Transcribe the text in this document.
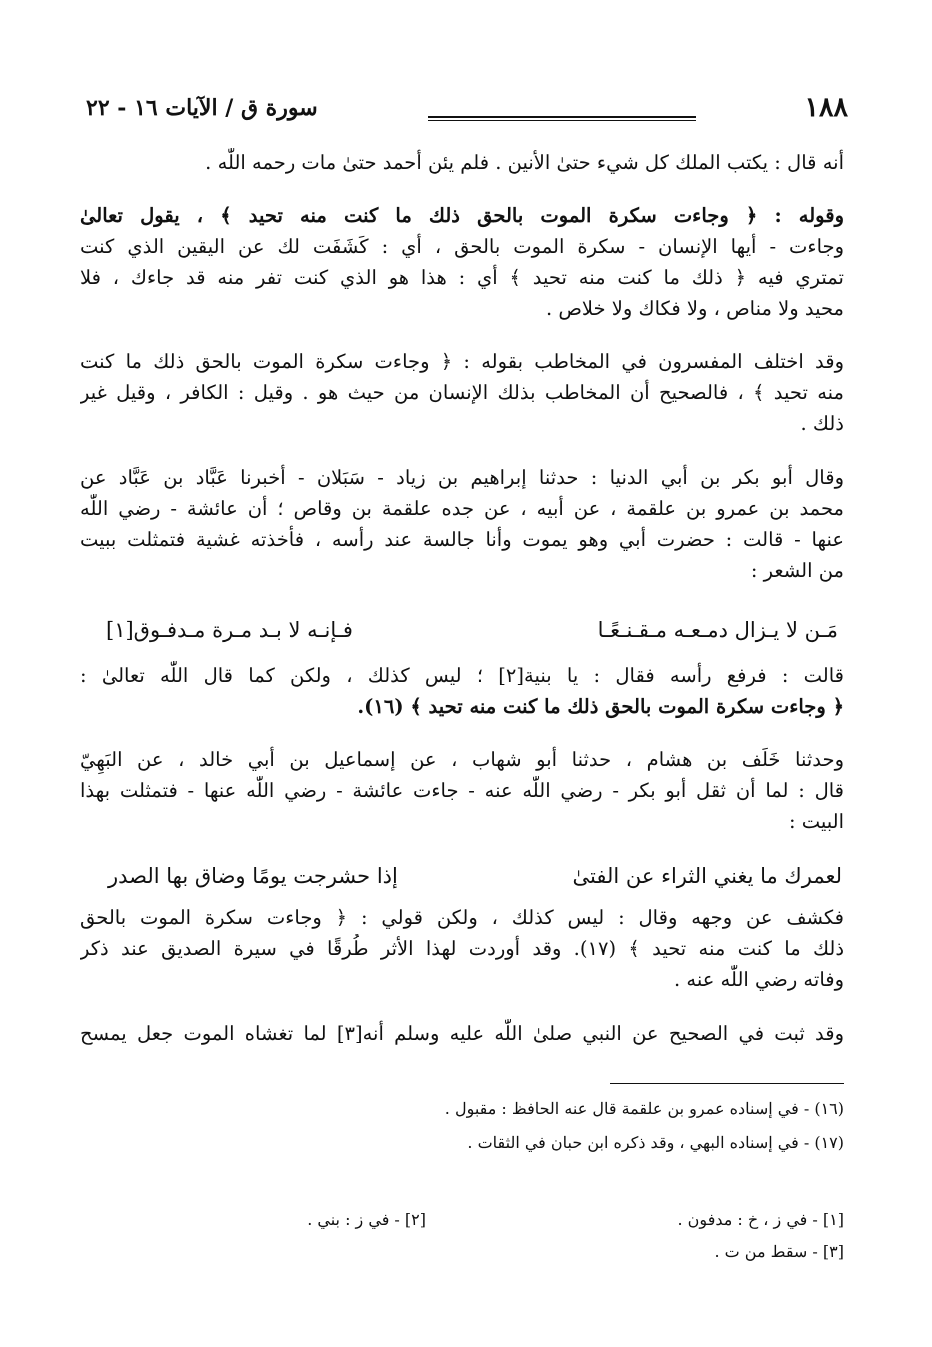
١٨٨
سورة ق / الآيات ١٦ - ٢٢
أنه قال : يكتب الملك كل شيء حتىٰ الأنين . فلم يئن أحمد حتىٰ مات رحمه اللّٰه .
وقوله : ﴿ وجاءت سكرة الموت بالحق ذلك ما كنت منه تحيد ﴾ ، يقول تعالىٰ
وجاءت - أيها الإنسان - سكرة الموت بالحق ، أي : كَشَفَت لك عن اليقين الذي كنت
تمتري فيه ﴿ ذلك ما كنت منه تحيد ﴾ أي : هذا هو الذي كنت تفر منه قد جاءك ، فلا
محيد ولا مناص ، ولا فكاك ولا خلاص .
وقد اختلف المفسرون في المخاطب بقوله : ﴿ وجاءت سكرة الموت بالحق ذلك ما كنت
منه تحيد ﴾ ، فالصحيح أن المخاطب بذلك الإنسان من حيث هو . وقيل : الكافر ، وقيل غير
ذلك .
وقال أبو بكر بن أبي الدنيا : حدثنا إبراهيم بن زياد - سَبَلان - أخبرنا عَبَّاد بن عَبَّاد عن
محمد بن عمرو بن علقمة ، عن أبيه ، عن جده علقمة بن وقاص ؛ أن عائشة - رضي اللّٰه
عنها - قالت : حضرت أبي وهو يموت وأنا جالسة عند رأسه ، فأخذته غشية فتمثلت ببيت
من الشعر :
قالت : فرفع رأسه فقال : يا بنية[٢] ؛ ليس كذلك ، ولكن كما قال اللّٰه تعالىٰ :
﴿ وجاءت سكرة الموت بالحق ذلك ما كنت منه تحيد ﴾ (١٦).
وحدثنا خَلَف بن هشام ، حدثنا أبو شهاب ، عن إسماعيل بن أبي خالد ، عن البَهِيّ
قال : لما أن ثقل أبو بكر - رضي اللّٰه عنه - جاءت عائشة - رضي اللّٰه عنها - فتمثلت بهذا
البيت :
فكشف عن وجهه وقال : ليس كذلك ، ولكن قولي : ﴿ وجاءت سكرة الموت بالحق
ذلك ما كنت منه تحيد ﴾ (١٧). وقد أوردت لهذا الأثر طُرقًا في سيرة الصديق عند ذكر
وفاته رضي اللّٰه عنه .
وقد ثبت في الصحيح عن النبي صلىٰ اللّٰه عليه وسلم أنه[٣] لما تغشاه الموت جعل يمسح
مَـن لا يـزال دمـعـه مـقـنـعًـا
فـإنـه لا بـد مـرة مـدفـوق[١]
لعمرك ما يغني الثراء عن الفتىٰ
إذا حشرجت يومًا وضاق بها الصدر
(١٦) - في إسناده عمرو بن علقمة قال عنه الحافظ : مقبول .
(١٧) - في إسناده البهي ، وقد ذكره ابن حبان في الثقات .
[١] - في ز ، خ : مدفون .
[٢] - في ز : بني .
[٣] - سقط من ت .
